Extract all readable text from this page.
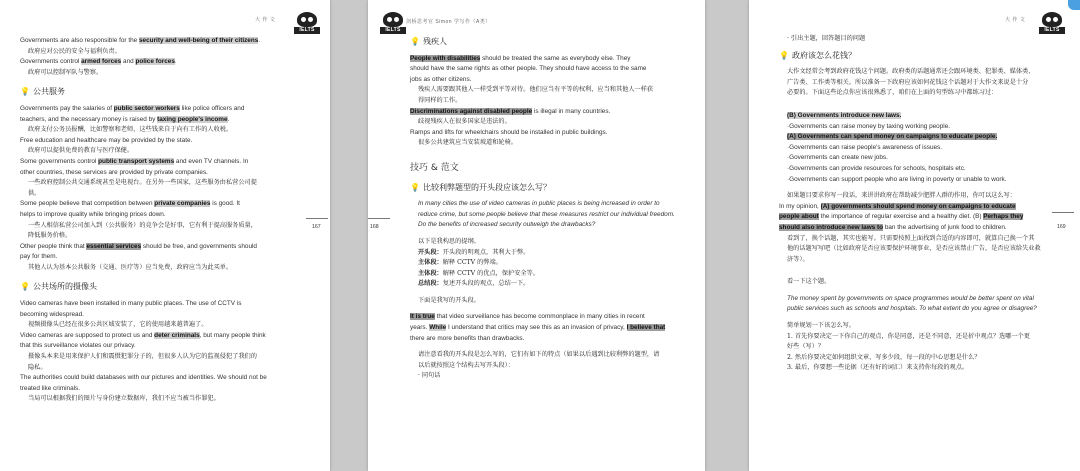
大 作 文
IELTS
Governments are also responsible for the security and well-being of their citizens.
政府应对公民的安全与福利负责。
Governments control armed forces and police forces.
政府可以控制军队与警察。
💡 公共服务
Governments pay the salaries of public sector workers like police officers and
teachers, and the necessary money is raised by taxing people's income.
政府支付公务员报酬，比如警察和老师，这些钱来自于向有工作的人收税。
Free education and healthcare may be provided by the state.
政府可以提供免费的教育与医疗保健。
Some governments control public transport systems and even TV channels. In
other countries, these services are provided by private companies.
一些政府控制公共交通系统甚至是电视台。在另外一些国家，这些服务由私营公司提
供。
Some people believe that competition between private companies is good. It
helps to improve quality while bringing prices down.
一些人相信私营公司加入到（公共服务）的竞争会是好事，它有利于提高服务质量，
降低服务价格。
Other people think that essential services should be free, and governments should
pay for them.
其他人认为基本公共服务（交通、医疗等）应当免费，政府应当为此买单。
💡 公共场所的摄像头
Video cameras have been installed in many public places. The use of CCTV is
becoming widespread.
视频摄像头已经在很多公共区域安装了，它的使用越来越普遍了。
Video cameras are supposed to protect us and deter criminals, but many people think
that this surveillance violates our privacy.
摄像头本来是用来保护人们和震慑犯罪分子的，但很多人认为它的监视侵犯了我们的
隐私。
The authorities could build databases with our pictures and identities. We should not be
treated like criminals.
当局可以根据我们的图片与身份建立数据库，我们不应当被当作罪犯。
167
IELTS
剑桥思考官 Simon 学写作（A类）
💡 残疾人
People with disabilities should be treated the same as everybody else. They
should have the same rights as other people. They should have access to the same
jobs as other citizens.
残疾人需要跟其他人一样受到平等对待。他们应当有平等的权利，应当和其他人一样获
得同样的工作。
Discriminations against disabled people is illegal in many countries.
歧视残疾人在很多国家是违法的。
Ramps and lifts for wheelchairs should be installed in public buildings.
很多公共建筑应当安装坡道和轮椅。
技巧 & 范文
💡 比较利弊题型的开头段应该怎么写？
In many cities the use of video cameras in public places is being increased in order to
reduce crime, but some people believe that these measures restrict our individual freedom.
Do the benefits of increased security outweigh the drawbacks?
以下是我构思的提纲。
开头段：开头段的明观点，其利大于弊。
主体段：解释 CCTV 的弊端。
主体段：解释 CCTV 的优点，保护安全等。
总结段：复述开头段的观点，总结一下。
下面是我写的开头段。
It is true that video surveillance has become commonplace in many cities in recent
years. While I understand that critics may see this as an invasion of privacy, I believe that
there are more benefits than drawbacks.
请注意看我的开头段是怎么写的，它们有如下的特点（如果以后遇到比较利弊的题型，请
以后就按照这个结构去写开头段）：
· 同句话
168
大 作 文
IELTS
· 引出主题，回答题目的问题
💡 政府该怎么花钱？
大作文经常会考到政府花钱这个问题。政府类的话题通常还会跟环境类、犯罪类、媒体类、
广告类、工作类等相关。所以准备一下政府应该如何花钱这个话题对于大作文来说是十分
必要的。下面这些论点你应该很熟悉了，咱们在上面的句型练习中都练习过：
(B) Governments introduce new laws.
·Governments can raise money by taxing working people.
(A) Governments can spend money on campaigns to educate people.
·Governments can raise people's awareness of issues.
·Governments can create new jobs.
·Governments can provide resources for schools, hospitals etc.
·Governments can support people who are living in poverty or unable to work.
如果题目要求你写一段话，来讲讲政府在帮助减少肥胖人群的作用，你可以这么写：
In my opinion, (A) governments should spend money on campaigns to educate
people about the importance of regular exercise and a healthy diet. (B) Perhaps they
should also introduce new laws to ban the advertising of junk food to children.
看到了，换个话题，其实也能写。只需要按照上面找到合适的内容即可，就算自己换一个其
他的话题写写吧（比如政府是否应该要保护环境事业，是否应该禁止广告，是否应该给失业救
济等）。
看一下这个题。
The money spent by governments on space programmes would be better spent on vital
public services such as schools and hospitals. To what extent do you agree or disagree?
简单规划一下该怎么写。
1. 首先你要决定一下你自己的观点，你是同意，还是不同意，还是折中观点？选哪一个更
好些（写）？
2. 然后你要决定如何组织文章，写多少段，每一段的中心思想是什么？
3. 最后，你要想一些论据（还有好的词汇）来支持你每段的观点。
169
